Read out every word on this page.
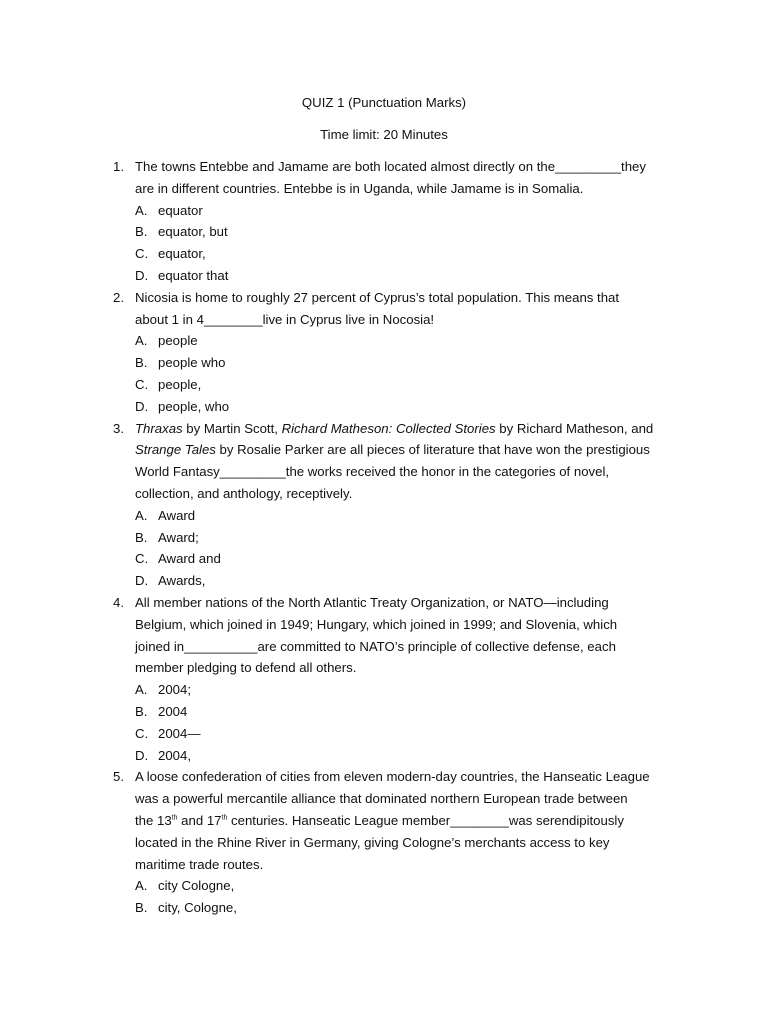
QUIZ 1 (Punctuation Marks)

Time limit: 20 Minutes

1. The towns Entebbe and Jamame are both located almost directly on the_________they
are in different countries. Entebbe is in Uganda, while Jamame is in Somalia.
A. equator
B. equator, but
C. equator,
D. equator that
2. Nicosia is home to roughly 27 percent of Cyprus’s total population. This means that
about 1 in 4________live in Cyprus live in Nocosia!
A. people
B. people who
C. people,
D. people, who
3. Thraxas by Martin Scott, Richard Matheson: Collected Stories by Richard Matheson, and
Strange Tales by Rosalie Parker are all pieces of literature that have won the prestigious
World Fantasy_________the works received the honor in the categories of novel,
collection, and anthology, receptively.
A. Award
B. Award;
C. Award and
D. Awards,
4. All member nations of the North Atlantic Treaty Organization, or NATO—including
Belgium, which joined in 1949; Hungary, which joined in 1999; and Slovenia, which
joined in__________are committed to NATO’s principle of collective defense, each
member pledging to defend all others.
A. 2004;
B. 2004
C. 2004—
D. 2004,
5. A loose confederation of cities from eleven modern-day countries, the Hanseatic League
was a powerful mercantile alliance that dominated northern European trade between
the 13th and 17th centuries. Hanseatic League member________was serendipitously
located in the Rhine River in Germany, giving Cologne’s merchants access to key
maritime trade routes.
A. city Cologne,
B. city, Cologne,
